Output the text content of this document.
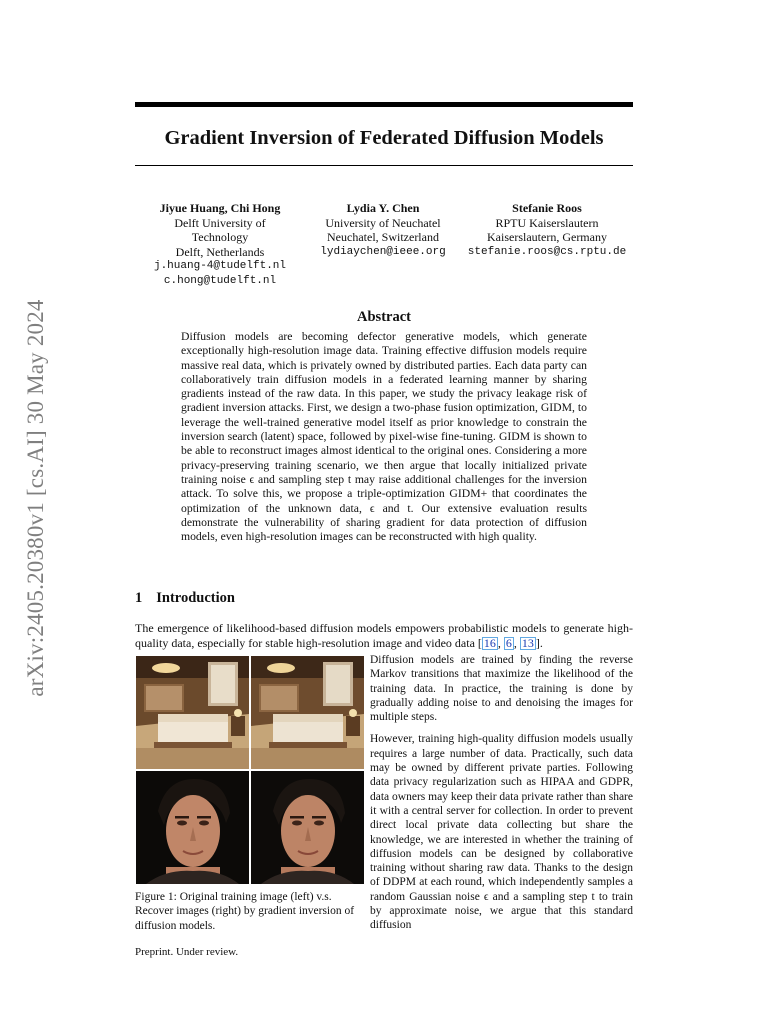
arXiv:2405.20380v1 [cs.AI] 30 May 2024
Gradient Inversion of Federated Diffusion Models
Jiyue Huang, Chi Hong
Delft University of Technology
Delft, Netherlands
j.huang-4@tudelft.nl
c.hong@tudelft.nl
Lydia Y. Chen
University of Neuchatel
Neuchatel, Switzerland
lydiaychen@ieee.org
Stefanie Roos
RPTU Kaiserslautern
Kaiserslautern, Germany
stefanie.roos@cs.rptu.de
Abstract
Diffusion models are becoming defector generative models, which generate exceptionally high-resolution image data. Training effective diffusion models require massive real data, which is privately owned by distributed parties. Each data party can collaboratively train diffusion models in a federated learning manner by sharing gradients instead of the raw data. In this paper, we study the privacy leakage risk of gradient inversion attacks. First, we design a two-phase fusion optimization, GIDM, to leverage the well-trained generative model itself as prior knowledge to constrain the inversion search (latent) space, followed by pixel-wise fine-tuning. GIDM is shown to be able to reconstruct images almost identical to the original ones. Considering a more privacy-preserving training scenario, we then argue that locally initialized private training noise ϵ and sampling step t may raise additional challenges for the inversion attack. To solve this, we propose a triple-optimization GIDM+ that coordinates the optimization of the unknown data, ϵ and t. Our extensive evaluation results demonstrate the vulnerability of sharing gradient for data protection of diffusion models, even high-resolution images can be reconstructed with high quality.
1 Introduction
The emergence of likelihood-based diffusion models empowers probabilistic models to generate high-quality data, especially for stable high-resolution image and video data [ 16 , 6 , 13 ].
Figure 1: Original training image (left) v.s. Recover images (right) by gradient inversion of diffusion models.

Diffusion models are trained by finding the reverse Markov transitions that maximize the likelihood of the training data. In practice, the training is done by gradually adding noise to and denoising the images for multiple steps.

However, training high-quality diffusion models usually requires a large number of data. Practically, such data may be owned by different private parties. Following data privacy regularization such as HIPAA and GDPR, data owners may keep their data private rather than share it with a central server for collection. In order to prevent direct local private data collecting but share the knowledge, we are interested in whether the training of diffusion models can be designed by collaborative training without sharing raw data. Thanks to the design of DDPM at each round, which independently samples a random Gaussian noise ϵ and a sampling step t to train by approximate noise, we argue that this standard diffusion

Preprint. Under review.
